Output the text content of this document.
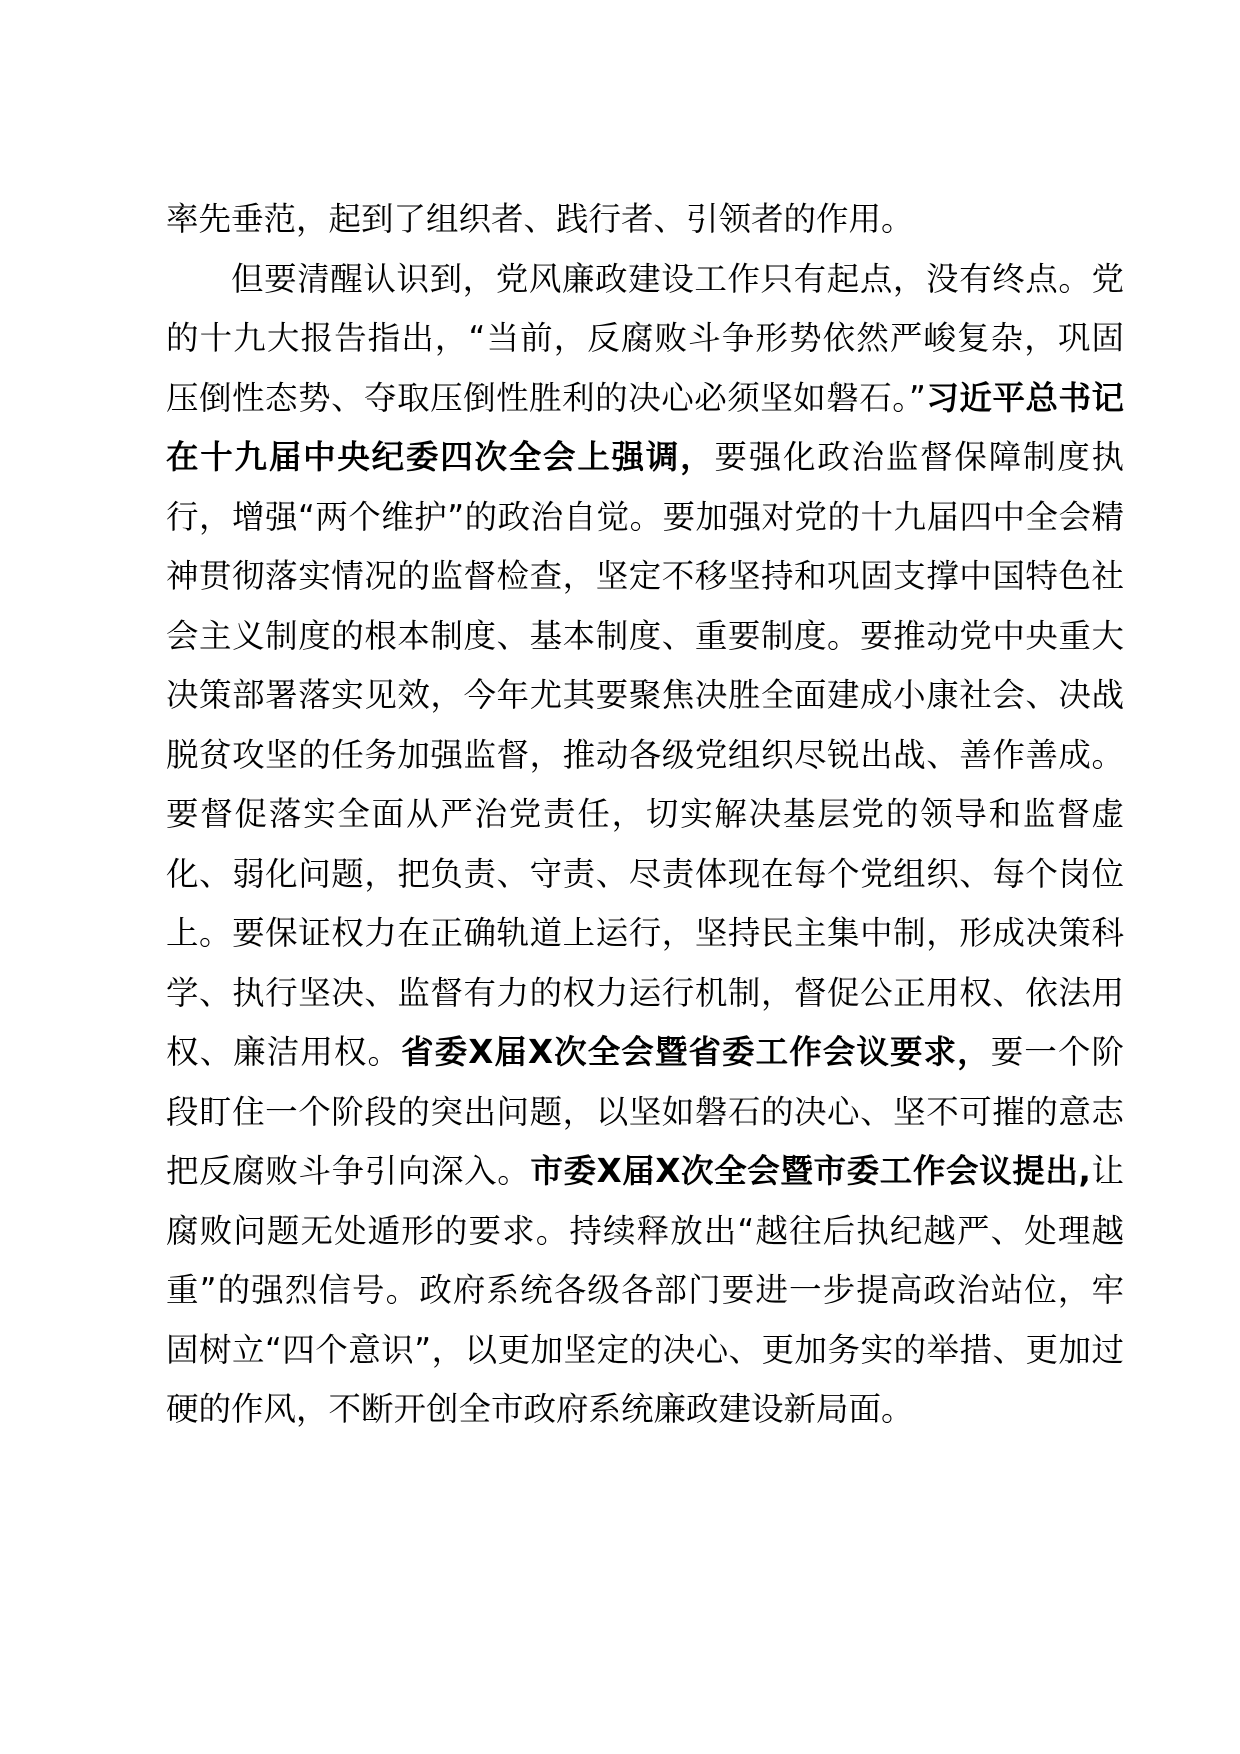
率先垂范，起到了组织者、践行者、引领者的作用。

但要清醒认识到，党风廉政建设工作只有起点，没有终点。党的十九大报告指出，“当前，反腐败斗争形势依然严峻复杂，巩固压倒性态势、夺取压倒性胜利的决心必须坚如磐石。”习近平总书记在十九届中央纪委四次全会上强调，要强化政治监督保障制度执行，增强“两个维护”的政治自觉。要加强对党的十九届四中全会精神贯彻落实情况的监督检查，坚定不移坚持和巩固支撑中国特色社会主义制度的根本制度、基本制度、重要制度。要推动党中央重大决策部署落实见效，今年尤其要聚焦决胜全面建成小康社会、决战脱贫攻坚的任务加强监督，推动各级党组织尽锐出战、善作善成。要督促落实全面从严治党责任，切实解决基层党的领导和监督虚化、弱化问题，把负责、守责、尽责体现在每个党组织、每个岗位上。要保证权力在正确轨道上运行，坚持民主集中制，形成决策科学、执行坚决、监督有力的权力运行机制，督促公正用权、依法用权、廉洁用权。省委X届X次全会暨省委工作会议要求，要一个阶段盯住一个阶段的突出问题，以坚如磐石的决心、坚不可摧的意志把反腐败斗争引向深入。市委X届X次全会暨市委工作会议提出,让腐败问题无处遁形的要求。持续释放出“越往后执纪越严、处理越重”的强烈信号。政府系统各级各部门要进一步提高政治站位，牢固树立“四个意识”，以更加坚定的决心、更加务实的举措、更加过硬的作风，不断开创全市政府系统廉政建设新局面。
